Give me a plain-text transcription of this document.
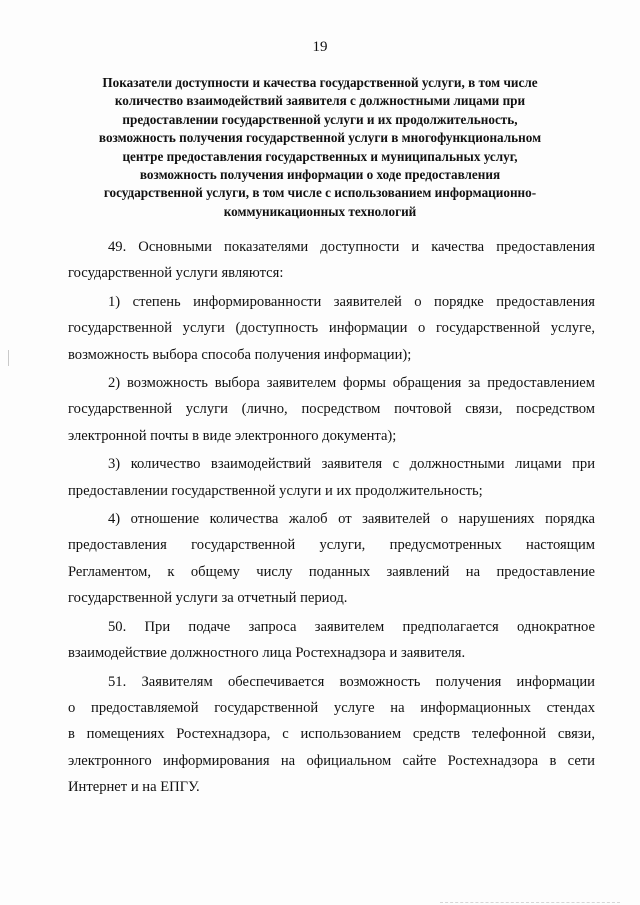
19
Показатели доступности и качества государственной услуги, в том числе
количество взаимодействий заявителя с должностными лицами при
предоставлении государственной услуги и их продолжительность,
возможность получения государственной услуги в многофункциональном
центре предоставления государственных и муниципальных услуг,
возможность получения информации о ходе предоставления
государственной услуги, в том числе с использованием информационно-
коммуникационных технологий
49. Основными показателями доступности и качества предоставления
государственной услуги являются:
1) степень информированности заявителей о порядке предоставления
государственной услуги (доступность информации о государственной услуге,
возможность выбора способа получения информации);
2) возможность выбора заявителем формы обращения за предоставлением
государственной услуги (лично, посредством почтовой связи, посредством
электронной почты в виде электронного документа);
3) количество взаимодействий заявителя с должностными лицами при
предоставлении государственной услуги и их продолжительность;
4) отношение количества жалоб от заявителей о нарушениях порядка
предоставления государственной услуги, предусмотренных настоящим
Регламентом, к общему числу поданных заявлений на предоставление
государственной услуги за отчетный период.
50. При подаче запроса заявителем предполагается однократное
взаимодействие должностного лица Ростехнадзора и заявителя.
51. Заявителям обеспечивается возможность получения информации
о предоставляемой государственной услуге на информационных стендах
в помещениях Ростехнадзора, с использованием средств телефонной связи,
электронного информирования на официальном сайте Ростехнадзора в сети
Интернет и на ЕПГУ.
